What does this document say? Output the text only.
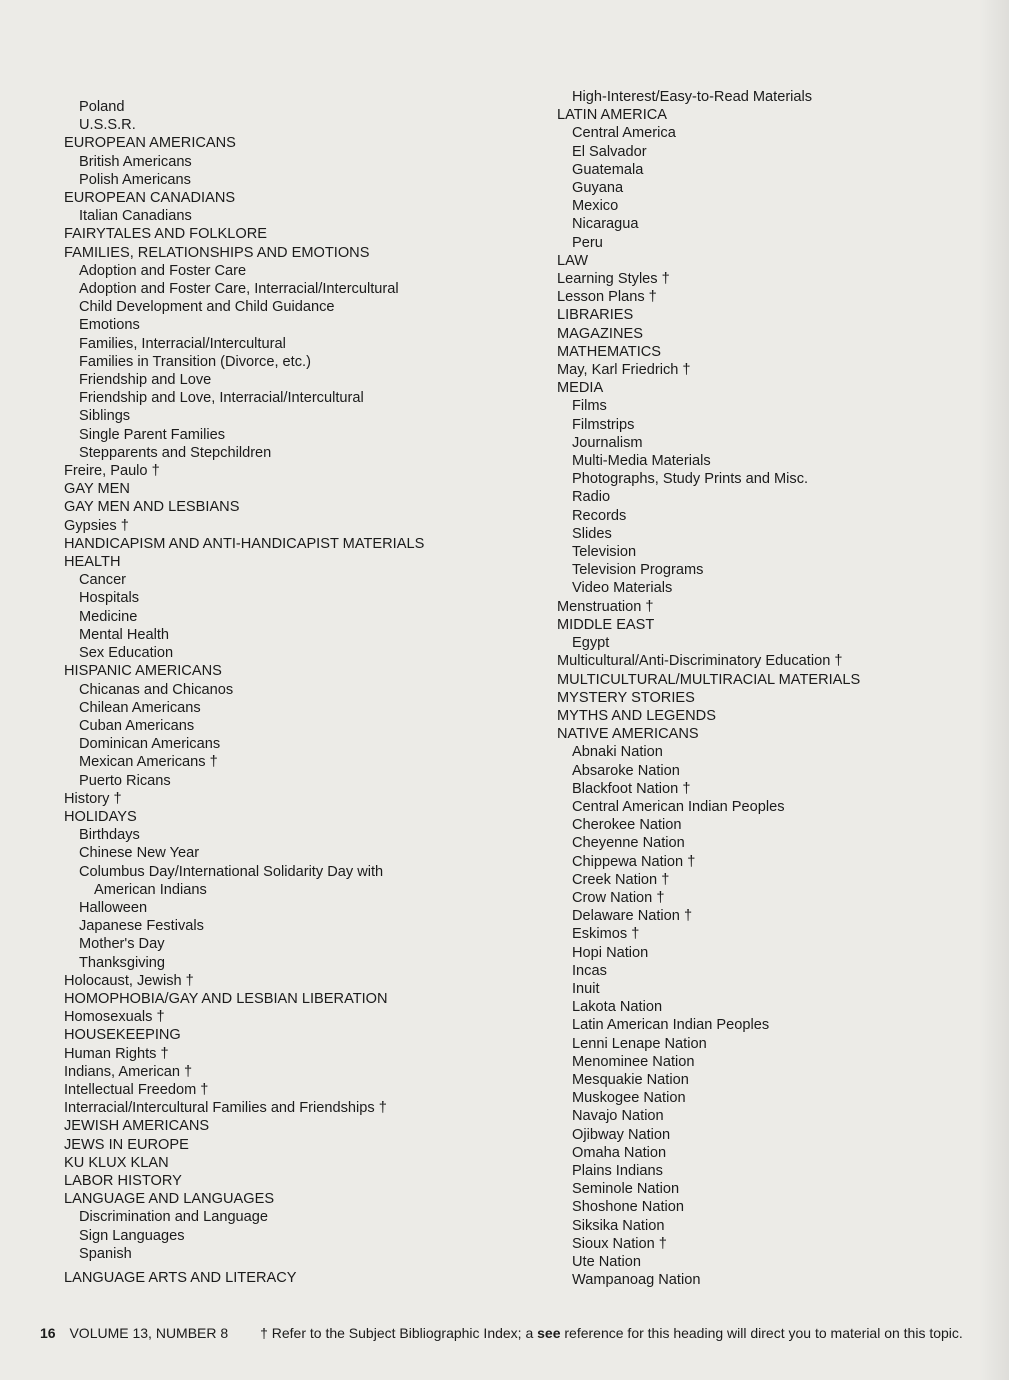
Poland
U.S.S.R.
EUROPEAN AMERICANS
British Americans
Polish Americans
EUROPEAN CANADIANS
Italian Canadians
FAIRYTALES AND FOLKLORE
FAMILIES, RELATIONSHIPS AND EMOTIONS
Adoption and Foster Care
Adoption and Foster Care, Interracial/Intercultural
Child Development and Child Guidance
Emotions
Families, Interracial/Intercultural
Families in Transition (Divorce, etc.)
Friendship and Love
Friendship and Love, Interracial/Intercultural
Siblings
Single Parent Families
Stepparents and Stepchildren
Freire, Paulo †
GAY MEN
GAY MEN AND LESBIANS
Gypsies †
HANDICAPISM AND ANTI-HANDICAPIST MATERIALS
HEALTH
Cancer
Hospitals
Medicine
Mental Health
Sex Education
HISPANIC AMERICANS
Chicanas and Chicanos
Chilean Americans
Cuban Americans
Dominican Americans
Mexican Americans †
Puerto Ricans
History †
HOLIDAYS
Birthdays
Chinese New Year
Columbus Day/International Solidarity Day with
American Indians
Halloween
Japanese Festivals
Mother's Day
Thanksgiving
Holocaust, Jewish †
HOMOPHOBIA/GAY AND LESBIAN LIBERATION
Homosexuals †
HOUSEKEEPING
Human Rights †
Indians, American †
Intellectual Freedom †
Interracial/Intercultural Families and Friendships †
JEWISH AMERICANS
JEWS IN EUROPE
KU KLUX KLAN
LABOR HISTORY
LANGUAGE AND LANGUAGES
Discrimination and Language
Sign Languages
Spanish
LANGUAGE ARTS AND LITERACY
High-Interest/Easy-to-Read Materials
LATIN AMERICA
Central America
El Salvador
Guatemala
Guyana
Mexico
Nicaragua
Peru
LAW
Learning Styles †
Lesson Plans †
LIBRARIES
MAGAZINES
MATHEMATICS
May, Karl Friedrich †
MEDIA
Films
Filmstrips
Journalism
Multi-Media Materials
Photographs, Study Prints and Misc.
Radio
Records
Slides
Television
Television Programs
Video Materials
Menstruation †
MIDDLE EAST
Egypt
Multicultural/Anti-Discriminatory Education †
MULTICULTURAL/MULTIRACIAL MATERIALS
MYSTERY STORIES
MYTHS AND LEGENDS
NATIVE AMERICANS
Abnaki Nation
Absaroke Nation
Blackfoot Nation †
Central American Indian Peoples
Cherokee Nation
Cheyenne Nation
Chippewa Nation †
Creek Nation †
Crow Nation †
Delaware Nation †
Eskimos †
Hopi Nation
Incas
Inuit
Lakota Nation
Latin American Indian Peoples
Lenni Lenape Nation
Menominee Nation
Mesquakie Nation
Muskogee Nation
Navajo Nation
Ojibway Nation
Omaha Nation
Plains Indians
Seminole Nation
Shoshone Nation
Siksika Nation
Sioux Nation †
Ute Nation
Wampanoag Nation
16 VOLUME 13, NUMBER 8 † Refer to the Subject Bibliographic Index; a see reference for this heading will direct you to material on this topic.
